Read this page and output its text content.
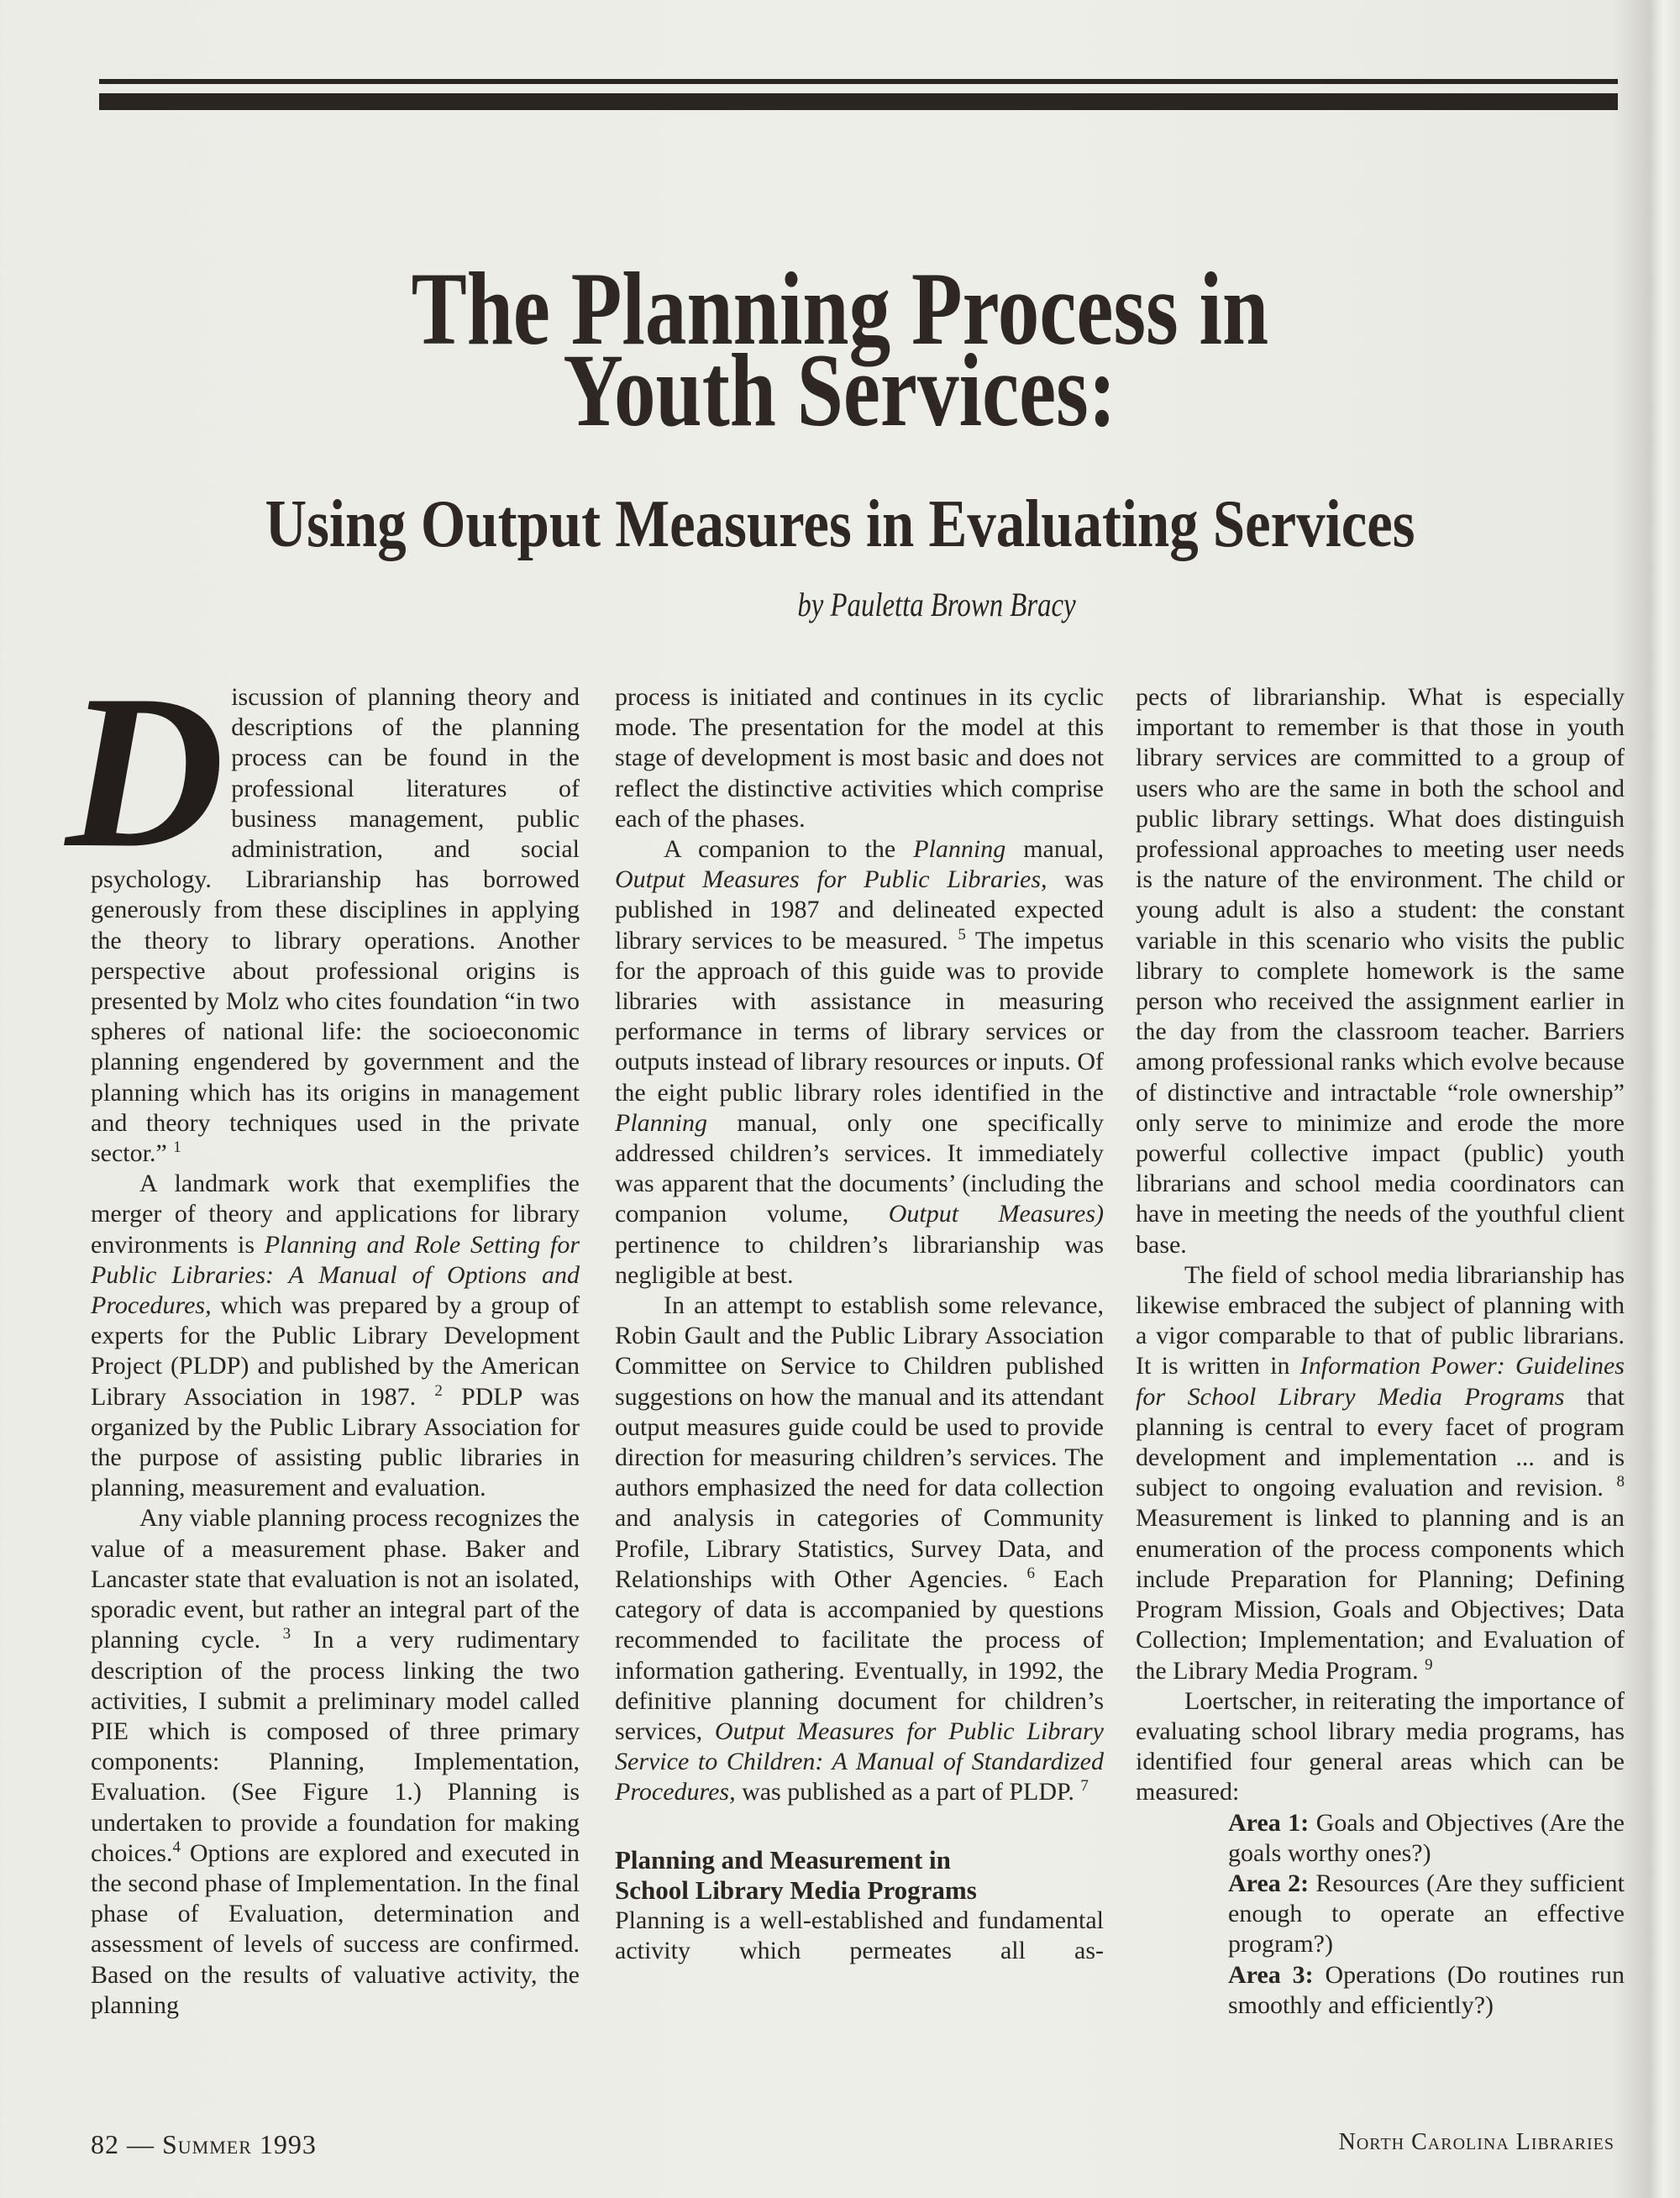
The Planning Process in
Youth Services:
Using Output Measures in Evaluating Services
by Pauletta Brown Bracy

Discussion of planning theory and descriptions of the planning process can be found in the professional literatures of business management, public administration, and social psychology. Librarianship has borrowed generously from these disciplines in applying the theory to library operations. Another perspective about professional origins is presented by Molz who cites foundation “in two spheres of national life: the socioeconomic planning engendered by government and the planning which has its origins in management and theory techniques used in the private sector.” $^1$

A landmark work that exemplifies the merger of theory and applications for library environments is Planning and Role Setting for Public Libraries: A Manual of Options and Procedures, which was prepared by a group of experts for the Public Library Development Project (PLDP) and published by the American Library Association in 1987. $^2$ PDLP was organized by the Public Library Association for the purpose of assisting public libraries in planning, measurement and evaluation.

Any viable planning process recognizes the value of a measurement phase. Baker and Lancaster state that evaluation is not an isolated, sporadic event, but rather an integral part of the planning cycle. $^3$ In a very rudimentary description of the process linking the two activities, I submit a preliminary model called PIE which is composed of three primary components: Planning, Implementation, Evaluation. (See Figure 1.) Planning is undertaken to provide a foundation for making choices.$^4$ Options are explored and executed in the second phase of Implementation. In the final phase of Evaluation, determination and assessment of levels of success are confirmed. Based on the results of valuative activity, the planning

process is initiated and continues in its cyclic mode. The presentation for the model at this stage of development is most basic and does not reflect the distinctive activities which comprise each of the phases.

A companion to the Planning manual, Output Measures for Public Libraries, was published in 1987 and delineated expected library services to be measured. $^5$ The impetus for the approach of this guide was to provide libraries with assistance in measuring performance in terms of library services or outputs instead of library resources or inputs. Of the eight public library roles identified in the Planning manual, only one specifically addressed children’s services. It immediately was apparent that the documents’ (including the companion volume, Output Measures) pertinence to children’s librarianship was negligible at best.

In an attempt to establish some relevance, Robin Gault and the Public Library Association Committee on Service to Children published suggestions on how the manual and its attendant output measures guide could be used to provide direction for measuring children’s services. The authors emphasized the need for data collection and analysis in categories of Community Profile, Library Statistics, Survey Data, and Relationships with Other Agencies. $^6$ Each category of data is accompanied by questions recommended to facilitate the process of information gathering. Eventually, in 1992, the definitive planning document for children’s services, Output Measures for Public Library Service to Children: A Manual of Standardized Procedures, was published as a part of PLDP. $^7$

Planning and Measurement in
School Library Media Programs

Planning is a well-established and fundamental activity which permeates all as-

pects of librarianship. What is especially important to remember is that those in youth library services are committed to a group of users who are the same in both the school and public library settings. What does distinguish professional approaches to meeting user needs is the nature of the environment. The child or young adult is also a student: the constant variable in this scenario who visits the public library to complete homework is the same person who received the assignment earlier in the day from the classroom teacher. Barriers among professional ranks which evolve because of distinctive and intractable “role ownership” only serve to minimize and erode the more powerful collective impact (public) youth librarians and school media coordinators can have in meeting the needs of the youthful client base.

The field of school media librarianship has likewise embraced the subject of planning with a vigor comparable to that of public librarians. It is written in Information Power: Guidelines for School Library Media Programs that planning is central to every facet of program development and implementation ... and is subject to ongoing evaluation and revision. $^8$ Measurement is linked to planning and is an enumeration of the process components which include Preparation for Planning; Defining Program Mission, Goals and Objectives; Data Collection; Implementation; and Evaluation of the Library Media Program. $^9$

Loertscher, in reiterating the importance of evaluating school library media programs, has identified four general areas which can be measured:

Area 1: Goals and Objectives (Are the goals worthy ones?)

Area 2: Resources (Are they sufficient enough to operate an effective program?)

Area 3: Operations (Do routines run smoothly and efficiently?)

82 — Summer 1993	North Carolina Libraries
